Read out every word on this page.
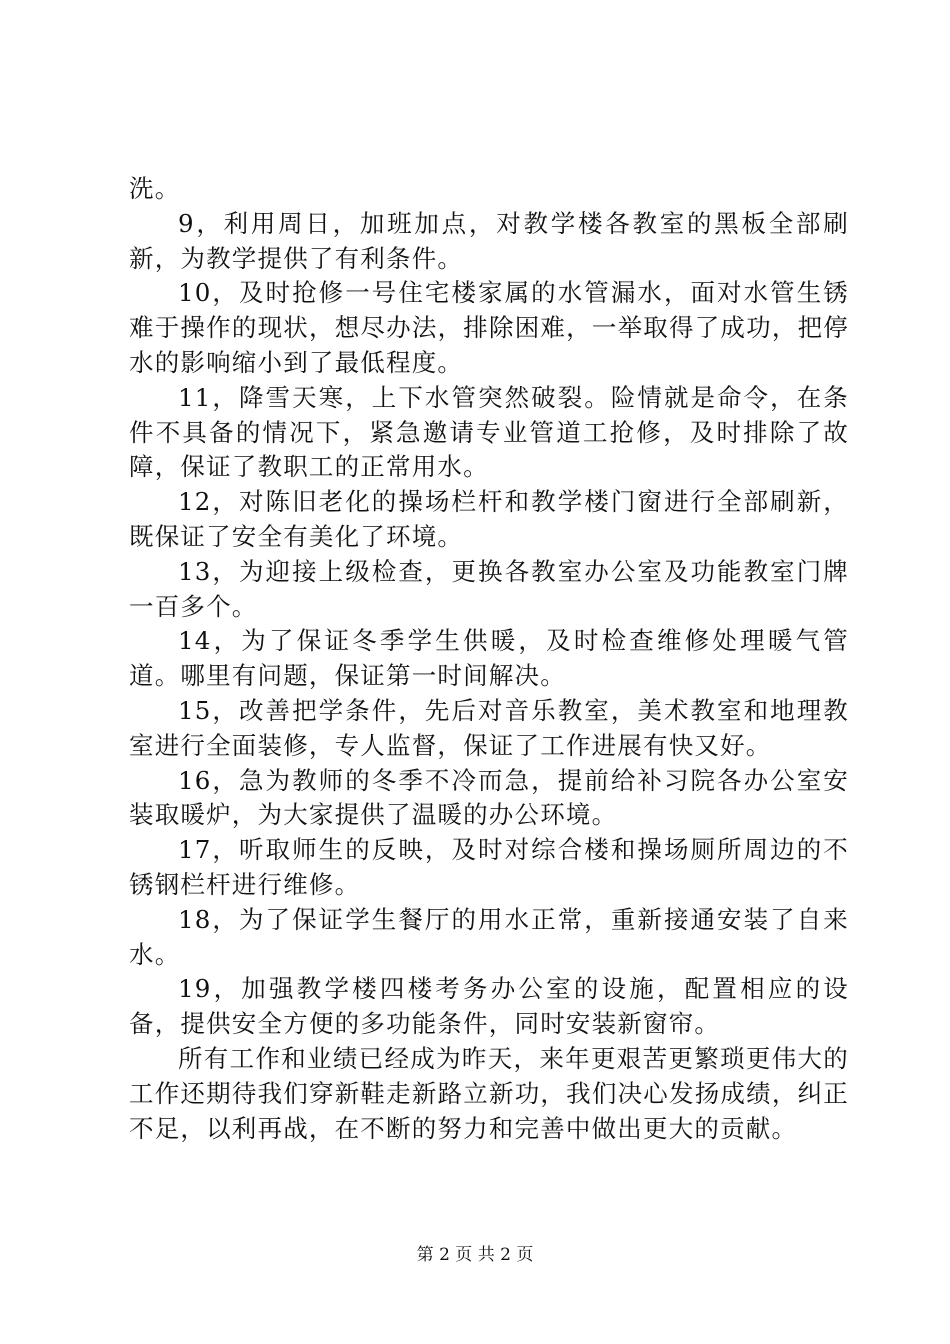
洗。

9，利用周日，加班加点，对教学楼各教室的黑板全部刷新，为教学提供了有利条件。

10，及时抢修一号住宅楼家属的水管漏水，面对水管生锈难于操作的现状，想尽办法，排除困难，一举取得了成功，把停水的影响缩小到了最低程度。

11，降雪天寒，上下水管突然破裂。险情就是命令，在条件不具备的情况下，紧急邀请专业管道工抢修，及时排除了故障，保证了教职工的正常用水。

12，对陈旧老化的操场栏杆和教学楼门窗进行全部刷新，既保证了安全有美化了环境。

13，为迎接上级检查，更换各教室办公室及功能教室门牌一百多个。

14，为了保证冬季学生供暖，及时检查维修处理暖气管道。哪里有问题，保证第一时间解决。

15，改善把学条件，先后对音乐教室，美术教室和地理教室进行全面装修，专人监督，保证了工作进展有快又好。

16，急为教师的冬季不冷而急，提前给补习院各办公室安装取暖炉，为大家提供了温暖的办公环境。

17，听取师生的反映，及时对综合楼和操场厕所周边的不锈钢栏杆进行维修。

18，为了保证学生餐厅的用水正常，重新接通安装了自来水。

19，加强教学楼四楼考务办公室的设施，配置相应的设备，提供安全方便的多功能条件，同时安装新窗帘。

所有工作和业绩已经成为昨天，来年更艰苦更繁琐更伟大的工作还期待我们穿新鞋走新路立新功，我们决心发扬成绩，纠正不足，以利再战，在不断的努力和完善中做出更大的贡献。

第 2 页 共 2 页
